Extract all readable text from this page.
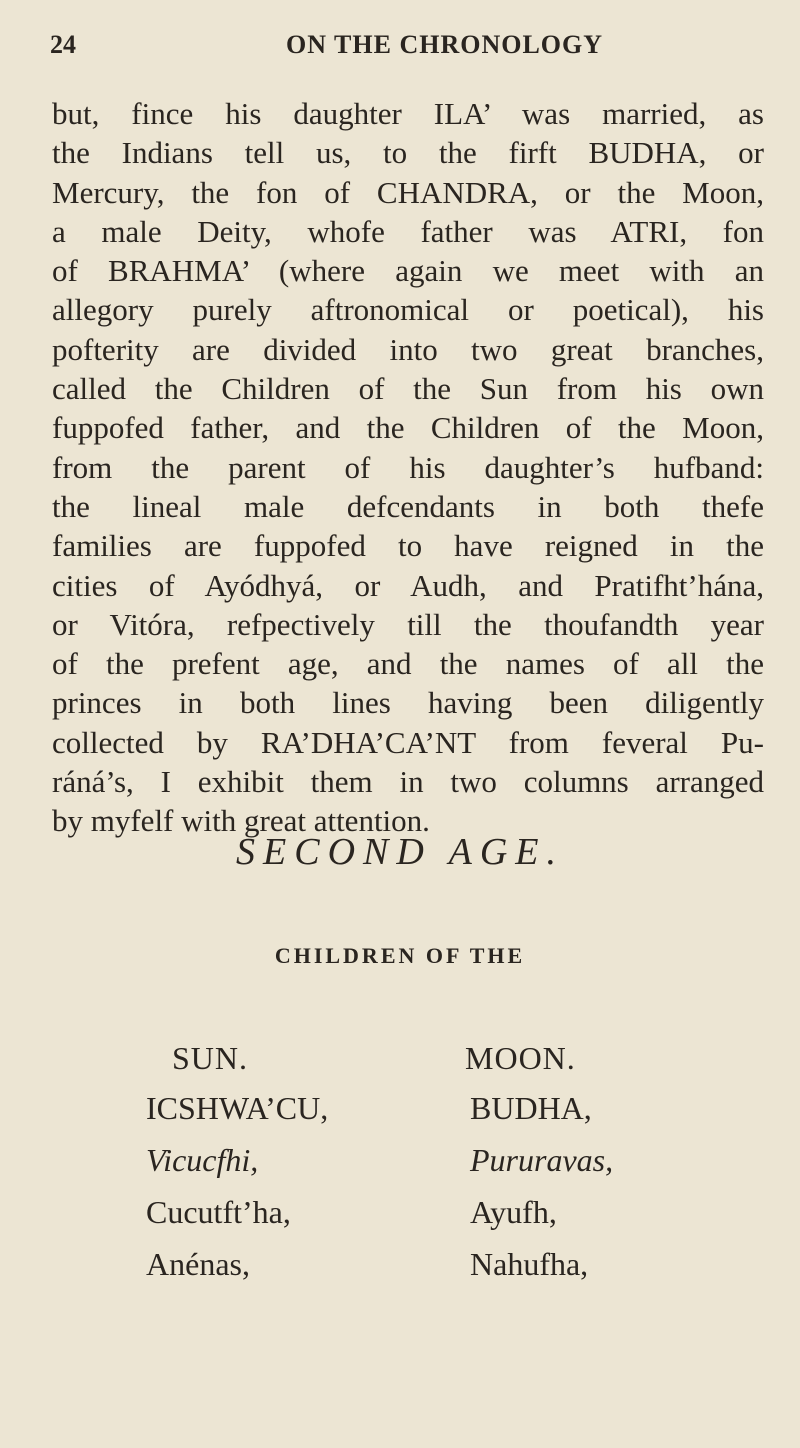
24	ON THE CHRONOLOGY
but, fince his daughter ILA’ was married, as
the Indians tell us, to the firft BUDHA, or
Mercury, the fon of CHANDRA, or the Moon,
a male Deity, whofe father was ATRI, fon
of BRAHMA’ (where again we meet with an
allegory purely aftronomical or poetical), his
pofterity are divided into two great branches,
called the Children of the Sun from his own
fuppofed father, and the Children of the Moon,
from the parent of his daughter’s hufband:
the lineal male defcendants in both thefe
families are fuppofed to have reigned in the
cities of Ayódhyá, or Audh, and Pratifht’hána,
or Vitóra, refpectively till the thoufandth year
of the prefent age, and the names of all the
princes in both lines having been diligently
collected by RA’DHA’CA’NT from feveral Pu-
ráná’s, I exhibit them in two columns arranged
by myfelf with great attention.
SECOND AGE.
CHILDREN OF THE
SUN.
ICSHWA’CU,
Vicucfhi,
Cucutft’ha,
Anénas,
MOON.
BUDHA,
Pururavas,
Ayufh,
Nahufha,
